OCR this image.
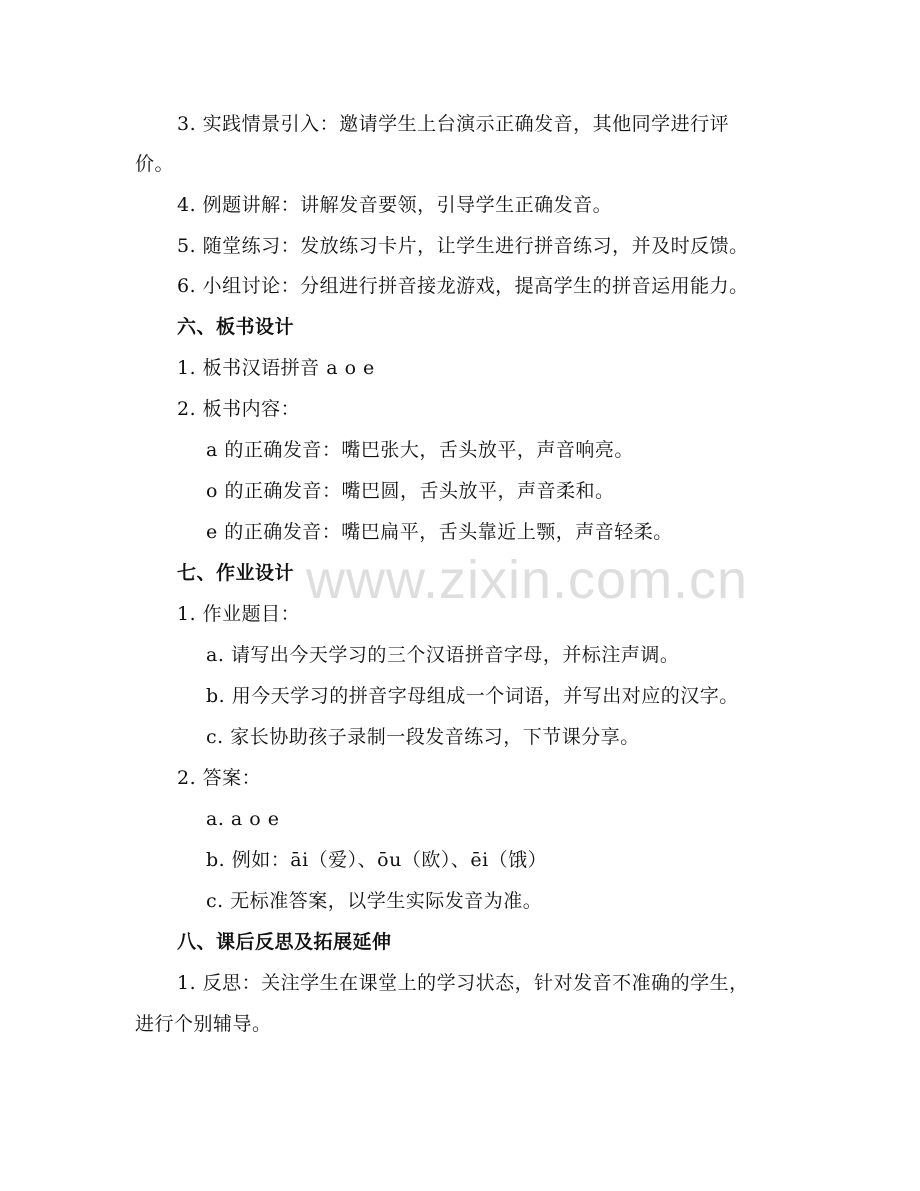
3. 实践情景引入：邀请学生上台演示正确发音，其他同学进行评
价。
4. 例题讲解：讲解发音要领，引导学生正确发音。
5. 随堂练习：发放练习卡片，让学生进行拼音练习，并及时反馈。
6. 小组讨论：分组进行拼音接龙游戏，提高学生的拼音运用能力。
六、板书设计
1. 板书汉语拼音 a o e
2. 板书内容：
a 的正确发音：嘴巴张大，舌头放平，声音响亮。
o 的正确发音：嘴巴圆，舌头放平，声音柔和。
e 的正确发音：嘴巴扁平，舌头靠近上颚，声音轻柔。
七、作业设计
1. 作业题目：
a. 请写出今天学习的三个汉语拼音字母，并标注声调。
b. 用今天学习的拼音字母组成一个词语，并写出对应的汉字。
c. 家长协助孩子录制一段发音练习，下节课分享。
2. 答案：
a. a o e
b. 例如：āi（爱）、ōu（欧）、ēi（饿）
c. 无标准答案，以学生实际发音为准。
八、课后反思及拓展延伸
1. 反思：关注学生在课堂上的学习状态，针对发音不准确的学生，
进行个别辅导。
www.zixin.com.cn
